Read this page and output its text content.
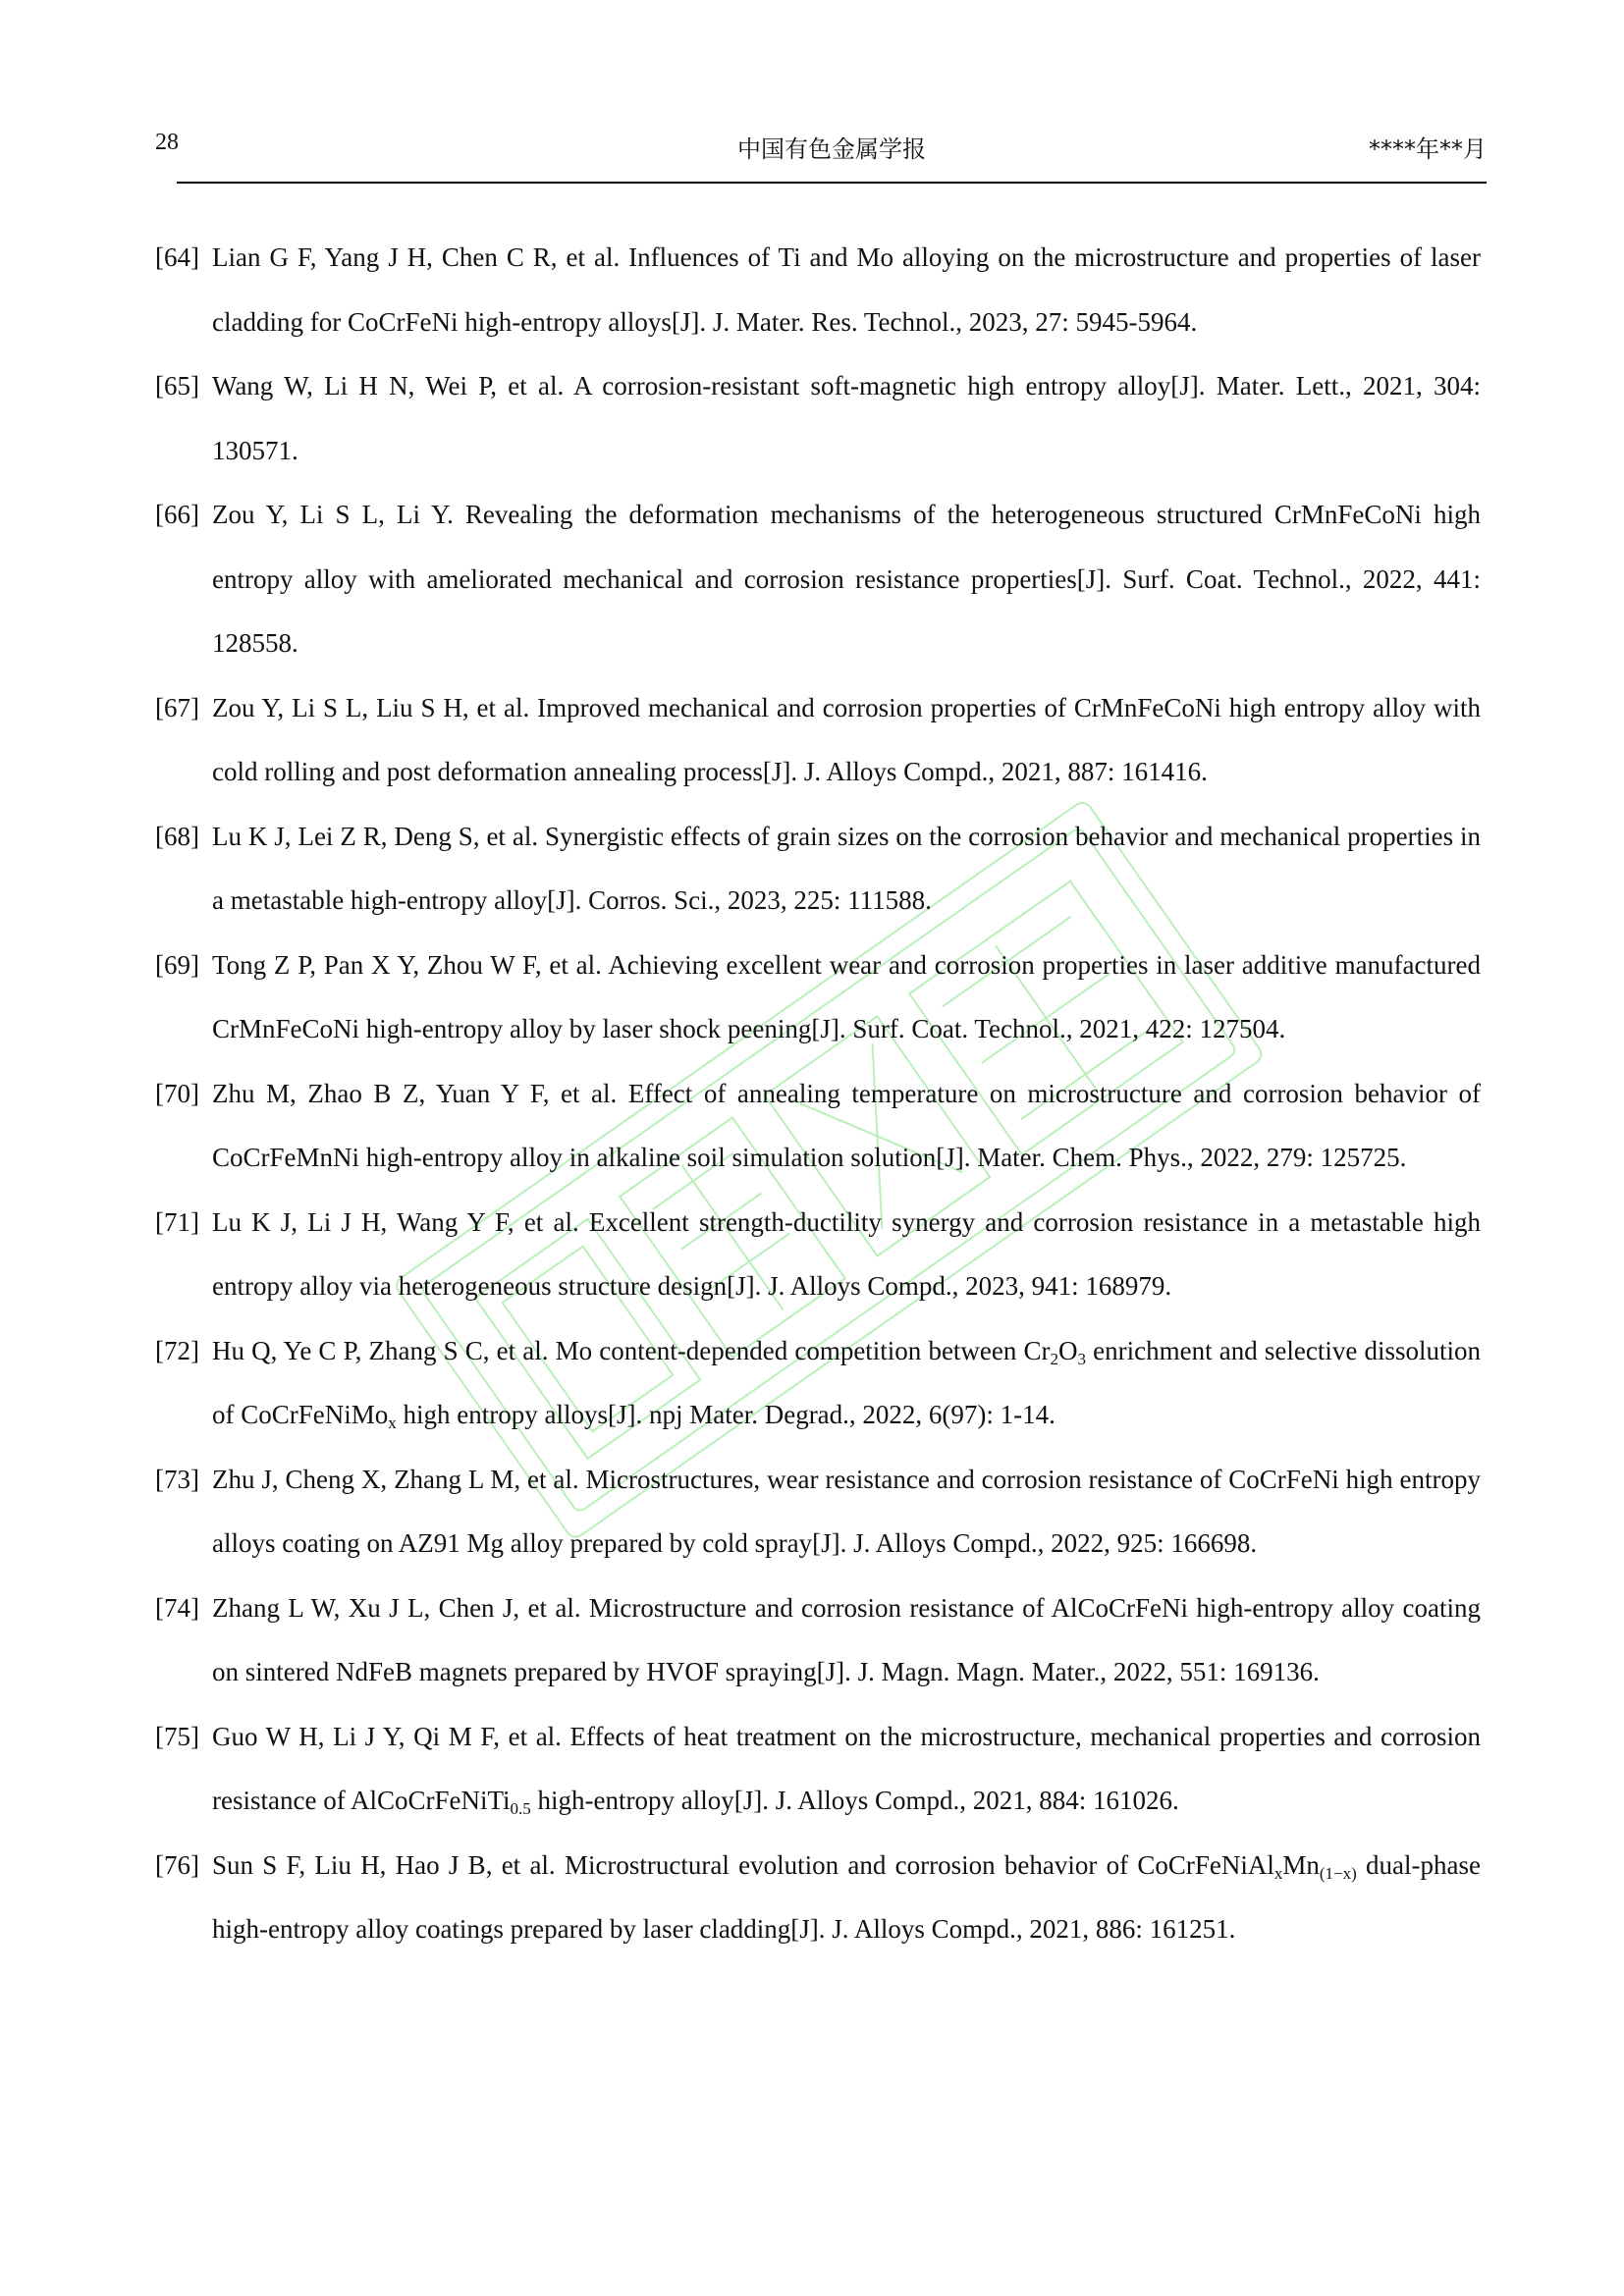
28	中国有色金属学报	****年**月
[64] Lian G F, Yang J H, Chen C R, et al. Influences of Ti and Mo alloying on the microstructure and properties of laser cladding for CoCrFeNi high-entropy alloys[J]. J. Mater. Res. Technol., 2023, 27: 5945-5964.
[65] Wang W, Li H N, Wei P, et al. A corrosion-resistant soft-magnetic high entropy alloy[J]. Mater. Lett., 2021, 304: 130571.
[66] Zou Y, Li S L, Li Y. Revealing the deformation mechanisms of the heterogeneous structured CrMnFeCoNi high entropy alloy with ameliorated mechanical and corrosion resistance properties[J]. Surf. Coat. Technol., 2022, 441: 128558.
[67] Zou Y, Li S L, Liu S H, et al. Improved mechanical and corrosion properties of CrMnFeCoNi high entropy alloy with cold rolling and post deformation annealing process[J]. J. Alloys Compd., 2021, 887: 161416.
[68] Lu K J, Lei Z R, Deng S, et al. Synergistic effects of grain sizes on the corrosion behavior and mechanical properties in a metastable high-entropy alloy[J]. Corros. Sci., 2023, 225: 111588.
[69] Tong Z P, Pan X Y, Zhou W F, et al. Achieving excellent wear and corrosion properties in laser additive manufactured CrMnFeCoNi high-entropy alloy by laser shock peening[J]. Surf. Coat. Technol., 2021, 422: 127504.
[70] Zhu M, Zhao B Z, Yuan Y F, et al. Effect of annealing temperature on microstructure and corrosion behavior of CoCrFeMnNi high-entropy alloy in alkaline soil simulation solution[J]. Mater. Chem. Phys., 2022, 279: 125725.
[71] Lu K J, Li J H, Wang Y F, et al. Excellent strength-ductility synergy and corrosion resistance in a metastable high entropy alloy via heterogeneous structure design[J]. J. Alloys Compd., 2023, 941: 168979.
[72] Hu Q, Ye C P, Zhang S C, et al. Mo content-depended competition between $Cr_2O_3$ enrichment and selective dissolution of CoCrFeNiMo$_x$ high entropy alloys[J]. npj Mater. Degrad., 2022, 6(97): 1-14.
[73] Zhu J, Cheng X, Zhang L M, et al. Microstructures, wear resistance and corrosion resistance of CoCrFeNi high entropy alloys coating on AZ91 Mg alloy prepared by cold spray[J]. J. Alloys Compd., 2022, 925: 166698.
[74] Zhang L W, Xu J L, Chen J, et al. Microstructure and corrosion resistance of AlCoCrFeNi high-entropy alloy coating on sintered NdFeB magnets prepared by HVOF spraying[J]. J. Magn. Magn. Mater., 2022, 551: 169136.
[75] Guo W H, Li J Y, Qi M F, et al. Effects of heat treatment on the microstructure, mechanical properties and corrosion resistance of AlCoCrFeNiTi$_{0.5}$ high-entropy alloy[J]. J. Alloys Compd., 2021, 884: 161026.
[76] Sun S F, Liu H, Hao J B, et al. Microstructural evolution and corrosion behavior of $CoCrFeNiAl_xMn_{(1-x)}$ dual-phase high-entropy alloy coatings prepared by laser cladding[J]. J. Alloys Compd., 2021, 886: 161251.
